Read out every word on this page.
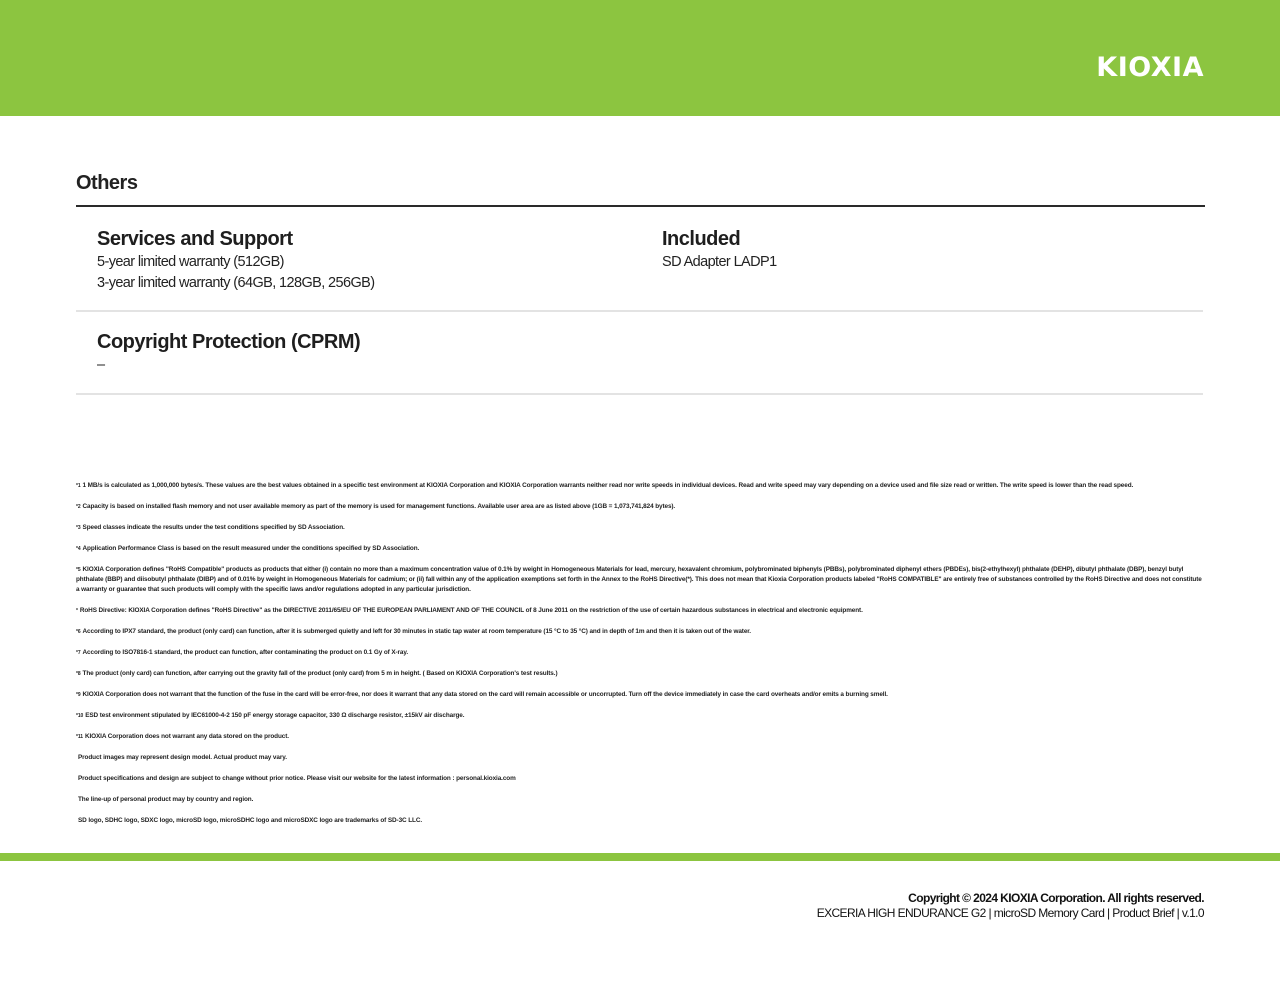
KIOXIA
Others
Services and Support
5-year limited warranty (512GB)
3-year limited warranty (64GB, 128GB, 256GB)
Included
SD Adapter LADP1
Copyright Protection (CPRM)
–
$^{*1}$ 1 MB/s is calculated as 1,000,000 bytes/s. These values are the best values obtained in a specific test environment at KIOXIA Corporation and KIOXIA Corporation warrants neither read nor write speeds in individual devices. Read and write speed may vary depending on a device used and file size read or written. The write speed is lower than the read speed.
$^{*2}$ Capacity is based on installed flash memory and not user available memory as part of the memory is used for management functions. Available user area are as listed above (1GB = 1,073,741,824 bytes).
$^{*3}$ Speed classes indicate the results under the test conditions specified by SD Association.
$^{*4}$ Application Performance Class is based on the result measured under the conditions specified by SD Association.
$^{*5}$ KIOXIA Corporation defines "RoHS Compatible" products as products that either (i) contain no more than a maximum concentration value of 0.1% by weight in Homogeneous Materials for lead, mercury, hexavalent chromium, polybrominated biphenyls (PBBs), polybrominated diphenyl ethers (PBDEs), bis(2-ethylhexyl) phthalate (DEHP), dibutyl phthalate (DBP), benzyl butyl phthalate (BBP) and diisobutyl phthalate (DIBP) and of 0.01% by weight in Homogeneous Materials for cadmium; or (ii) fall within any of the application exemptions set forth in the Annex to the RoHS Directive(*). This does not mean that Kioxia Corporation products labeled "RoHS COMPATIBLE" are entirely free of substances controlled by the RoHS Directive and does not constitute a warranty or guarantee that such products will comply with the specific laws and/or regulations adopted in any particular jurisdiction.
* RoHS Directive: KIOXIA Corporation defines "RoHS Directive" as the DIRECTIVE 2011/65/EU OF THE EUROPEAN PARLIAMENT AND OF THE COUNCIL of 8 June 2011 on the restriction of the use of certain hazardous substances in electrical and electronic equipment.
$^{*6}$ According to IPX7 standard, the product (only card) can function, after it is submerged quietly and left for 30 minutes in static tap water at room temperature (15 °C to 35 °C) and in depth of 1m and then it is taken out of the water.
$^{*7}$ According to ISO7816-1 standard, the product can function, after contaminating the product on 0.1 Gy of X-ray.
$^{*8}$ The product (only card) can function, after carrying out the gravity fall of the product (only card) from 5 m in height. ( Based on KIOXIA Corporation's test results.)
$^{*9}$ KIOXIA Corporation does not warrant that the function of the fuse in the card will be error-free, nor does it warrant that any data stored on the card will remain accessible or uncorrupted. Turn off the device immediately in case the card overheats and/or emits a burning smell.
$^{*10}$ ESD test environment stipulated by IEC61000-4-2 150 pF energy storage capacitor, 330 Ω discharge resistor, ±15kV air discharge.
$^{*11}$ KIOXIA Corporation does not warrant any data stored on the product.
Product images may represent design model. Actual product may vary.
Product specifications and design are subject to change without prior notice. Please visit our website for the latest information : personal.kioxia.com
The line-up of personal product may by country and region.
SD logo, SDHC logo, SDXC logo, microSD logo, microSDHC logo and microSDXC logo are trademarks of SD-3C LLC.
Copyright © 2024 KIOXIA Corporation. All rights reserved.
EXCERIA HIGH ENDURANCE G2 | microSD Memory Card | Product Brief | v.1.0
